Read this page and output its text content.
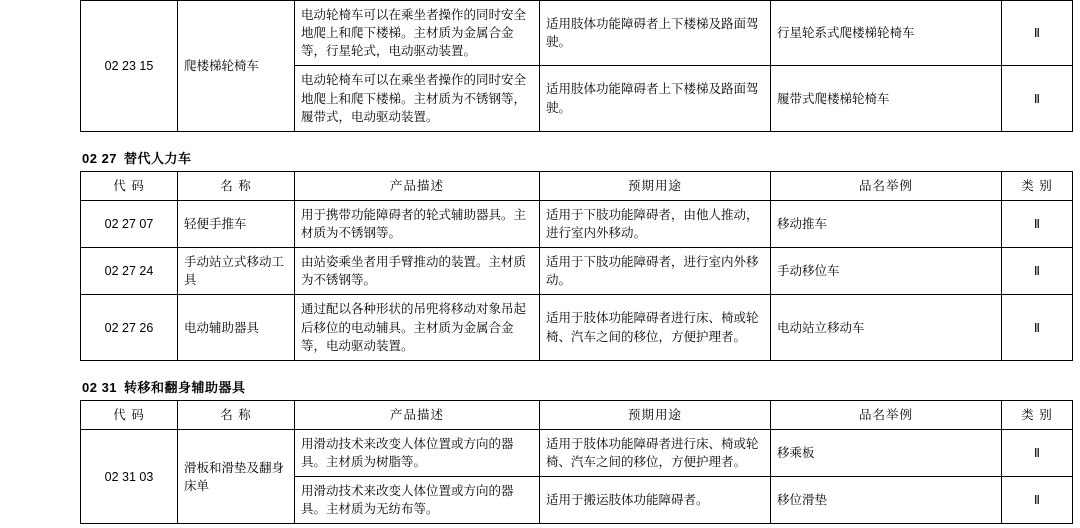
02 23 15	爬楼梯轮椅车	电动轮椅车可以在乘坐者操作的同时安全地爬上和爬下楼梯。主材质为金属合金等，行星轮式，电动驱动装置。	适用肢体功能障碍者上下楼梯及路面驾驶。	行星轮系式爬楼梯轮椅车	Ⅱ
		电动轮椅车可以在乘坐者操作的同时安全地爬上和爬下楼梯。主材质为不锈钢等，履带式，电动驱动装置。	适用肢体功能障碍者上下楼梯及路面驾驶。	履带式爬楼梯轮椅车	Ⅱ
02 27 替代人力车
代 码	名 称	产品描述	预期用途	品名举例	类 别
02 27 07	轻便手推车	用于携带功能障碍者的轮式辅助器具。主材质为不锈钢等。	适用于下肢功能障碍者，由他人推动，进行室内外移动。	移动推车	Ⅱ
02 27 24	手动站立式移动工具	由站姿乘坐者用手臂推动的装置。主材质为不锈钢等。	适用于下肢功能障碍者，进行室内外移动。	手动移位车	Ⅱ
02 27 26	电动辅助器具	通过配以各种形状的吊兜将移动对象吊起后移位的电动辅具。主材质为金属合金等，电动驱动装置。	适用于肢体功能障碍者进行床、椅或轮椅、汽车之间的移位，方便护理者。	电动站立移动车	Ⅱ
02 31 转移和翻身辅助器具
代 码	名 称	产品描述	预期用途	品名举例	类 别
02 31 03	滑板和滑垫及翻身床单	用滑动技术来改变人体位置或方向的器具。主材质为树脂等。	适用于肢体功能障碍者进行床、椅或轮椅、汽车之间的移位，方便护理者。	移乘板	Ⅱ
		用滑动技术来改变人体位置或方向的器具。主材质为无纺布等。	适用于搬运肢体功能障碍者。	移位滑垫	Ⅱ
